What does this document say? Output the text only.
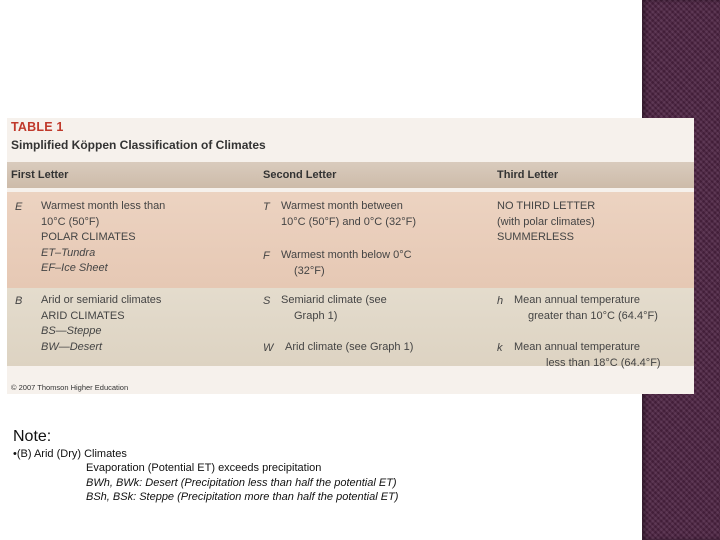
TABLE 1
Simplified Köppen Classification of Climates
First Letter	Second Letter	Third Letter
E Warmest month less than
10°C (50°F)
POLAR CLIMATES
ET–Tundra
EF–Ice Sheet
T Warmest month between
10°C (50°F) and 0°C (32°F)
F Warmest month below 0°C
(32°F)
NO THIRD LETTER
(with polar climates)
SUMMERLESS
B Arid or semiarid climates
ARID CLIMATES
BS—Steppe
BW—Desert
S Semiarid climate (see
Graph 1)
W Arid climate (see Graph 1)
h Mean annual temperature
greater than 10°C (64.4°F)
k Mean annual temperature
less than 18°C (64.4°F)
© 2007 Thomson Higher Education
Note:
•(B) Arid (Dry) Climates
Evaporation (Potential ET) exceeds precipitation
BWh, BWk: Desert (Precipitation less than half the potential ET)
BSh, BSk: Steppe (Precipitation more than half the potential ET)
